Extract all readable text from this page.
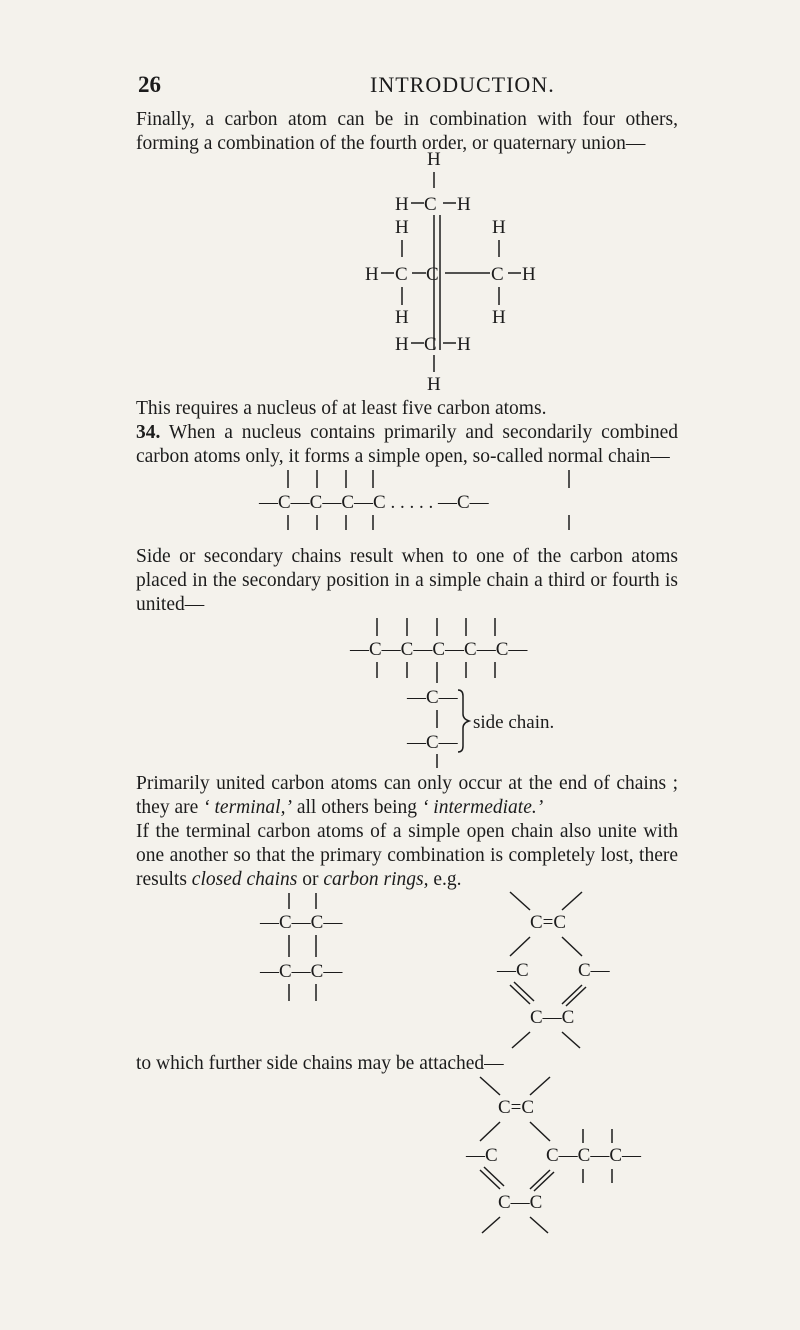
26	INTRODUCTION.
Finally, a carbon atom can be in combination with four others, forming a combination of the fourth order, or quaternary union—
H
H C H
H	H
H C C	C H
H	H
H C H
H
This requires a nucleus of at least five carbon atoms.
34. When a nucleus contains primarily and secondarily combined carbon atoms only, it forms a simple open, so-called normal chain—
—C—C—C—C . . . . . —C—
Side or secondary chains result when to one of the carbon atoms placed in the secondary position in a simple chain a third or fourth is united—
—C—C—C—C—C—
—C—
—C—
side chain.
Primarily united carbon atoms can only occur at the end of chains ; they are ‘ terminal,’ all others being ‘ intermediate.’
If the terminal carbon atoms of a simple open chain also unite with one another so that the primary combination is completely lost, there results closed chains or carbon rings, e.g.
—C—C—
—C—C—
C=C
—C	C—
C—C
to which further side chains may be attached—
C=C
—C	C—C—C—
C—C
